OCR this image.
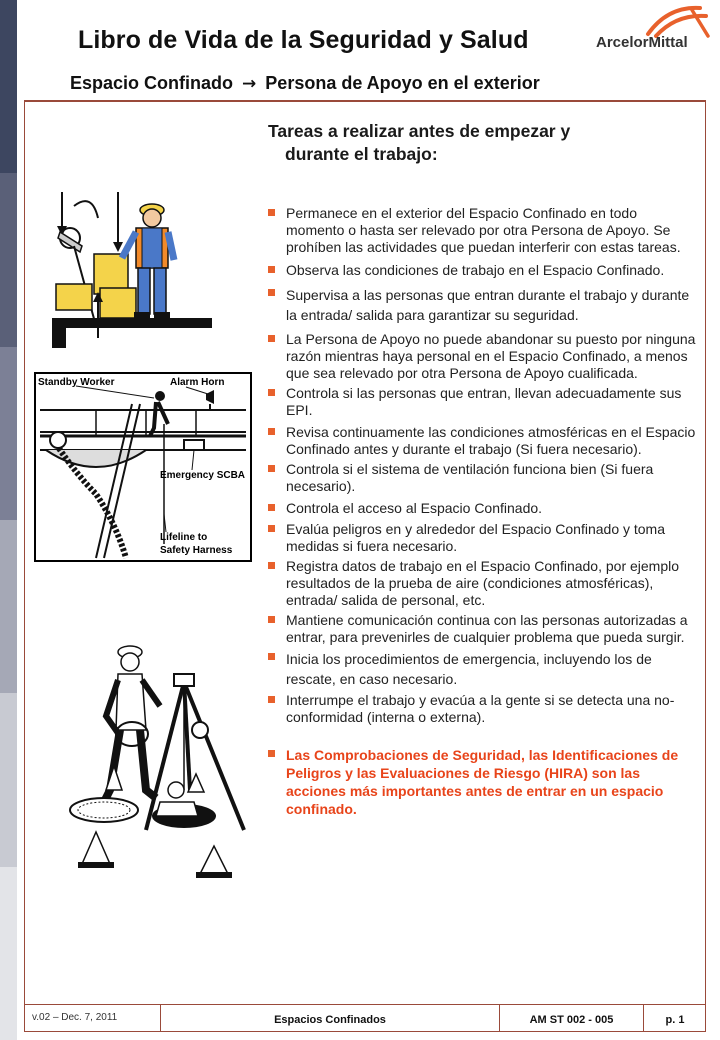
Libro de Vida de la Seguridad y Salud	ArcelorMittal
Espacio Confinado → Persona de Apoyo en el exterior
Tareas a realizar antes de empezar y
durante el trabajo:
Permanece en el exterior del Espacio Confinado en todo momento o hasta ser relevado por otra Persona de Apoyo. Se prohíben las actividades que puedan interferir con estas tareas.
Observa las condiciones de trabajo en el Espacio Confinado.
Supervisa a las personas que entran durante el trabajo y durante la entrada/ salida para garantizar su seguridad.
La Persona de Apoyo no puede abandonar su puesto por ninguna razón mientras haya personal en el Espacio Confinado, a menos que sea relevado por otra Persona de Apoyo cualificada.
Controla si las personas que entran, llevan adecuadamente sus EPI.
Revisa continuamente las condiciones atmosféricas en el Espacio Confinado antes y durante el trabajo (Si fuera necesario).
Controla si el sistema de ventilación funciona bien (Si fuera necesario).
Controla el acceso al Espacio Confinado.
Evalúa peligros en y alrededor del Espacio Confinado y toma medidas si fuera necesario.
Registra datos de trabajo en el Espacio Confinado, por ejemplo resultados de la prueba de aire (condiciones atmosféricas), entrada/ salida de personal, etc.
Mantiene comunicación continua con las personas autorizadas a entrar, para prevenirles de cualquier problema que pueda surgir.
Inicia los procedimientos de emergencia, incluyendo los de rescate, en caso necesario.
Interrumpe el trabajo y evacúa a la gente si se detecta una no-conformidad (interna o externa).
Las Comprobaciones de Seguridad, las Identificaciones de Peligros y las Evaluaciones de Riesgo (HIRA) son las acciones más importantes antes de entrar en un espacio confinado.
Standby Worker	Alarm Horn
Emergency SCBA
Lifeline to
Safety Harness
v.02 – Dec. 7, 2011	Espacios Confinados	AM ST 002 - 005	p. 1
